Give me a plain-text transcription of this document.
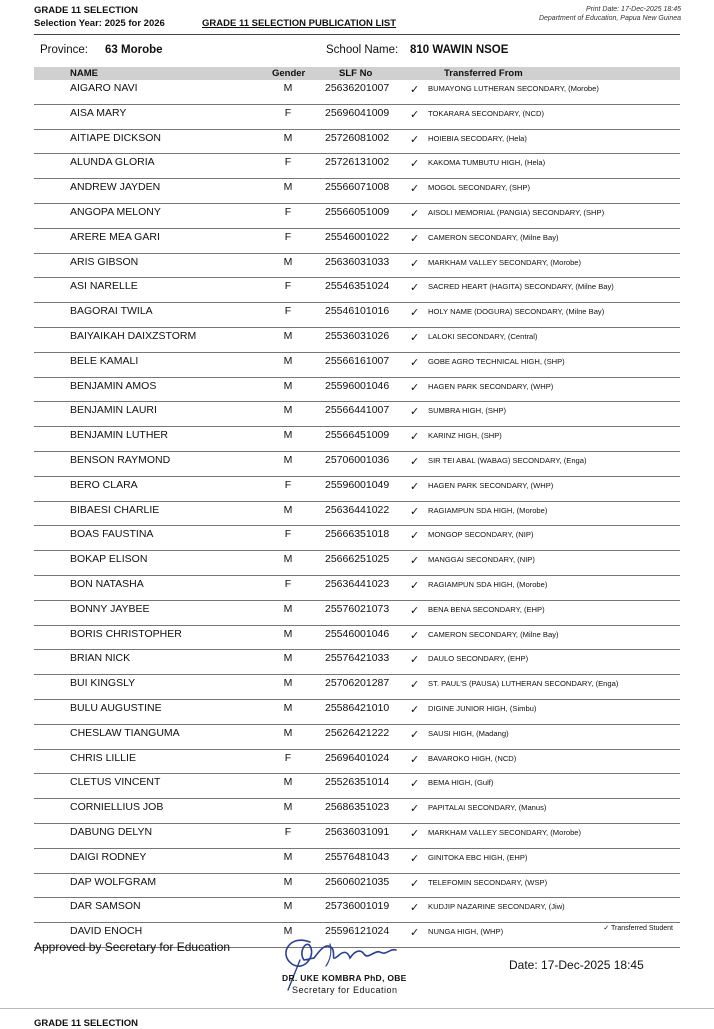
GRADE 11 SELECTION
Selection Year: 2025 for 2026	GRADE 11 SELECTION PUBLICATION LIST
Print Date: 17-Dec-2025 18:45
Department of Education, Papua New Guinea
Province: 63 Morobe	School Name: 810 WAWIN NSOE
NAME	Gender	SLF No	Transferred From
AIGARO NAVI	M	25636201007 ✓ BUMAYONG LUTHERAN SECONDARY, (Morobe)
AISA MARY	F	25696041009 ✓ TOKARARA SECONDARY, (NCD)
AITIAPE DICKSON	M	25726081002 ✓ HOIEBIA SECODARY, (Hela)
ALUNDA GLORIA	F	25726131002 ✓ KAKOMA TUMBUTU HIGH, (Hela)
ANDREW JAYDEN	M	25566071008 ✓ MOGOL SECONDARY, (SHP)
ANGOPA MELONY	F	25566051009 ✓ AISOLI MEMORIAL (PANGIA) SECONDARY, (SHP)
ARERE MEA GARI	F	25546001022 ✓ CAMERON SECONDARY, (Milne Bay)
ARIS GIBSON	M	25636031033 ✓ MARKHAM VALLEY SECONDARY, (Morobe)
ASI NARELLE	F	25546351024 ✓ SACRED HEART (HAGITA) SECONDARY, (Milne Bay)
BAGORAI TWILA	F	25546101016 ✓ HOLY NAME (DOGURA) SECONDARY, (Milne Bay)
BAIYAIKAH DAIXZSTORM	M	25536031026 ✓ LALOKI SECONDARY, (Central)
BELE KAMALI	M	25566161007 ✓ GOBE AGRO TECHNICAL HIGH, (SHP)
BENJAMIN AMOS	M	25596001046 ✓ HAGEN PARK SECONDARY, (WHP)
BENJAMIN LAURI	M	25566441007 ✓ SUMBRA HIGH, (SHP)
BENJAMIN LUTHER	M	25566451009 ✓ KARINZ HIGH, (SHP)
BENSON RAYMOND	M	25706001036 ✓ SIR TEI ABAL (WABAG) SECONDARY, (Enga)
BERO CLARA	F	25596001049 ✓ HAGEN PARK SECONDARY, (WHP)
BIBAESI CHARLIE	M	25636441022 ✓ RAGIAMPUN SDA HIGH, (Morobe)
BOAS FAUSTINA	F	25666351018 ✓ MONGOP SECONDARY, (NIP)
BOKAP ELISON	M	25666251025 ✓ MANGGAI SECONDARY, (NIP)
BON NATASHA	F	25636441023 ✓ RAGIAMPUN SDA HIGH, (Morobe)
BONNY JAYBEE	M	25576021073 ✓ BENA BENA SECONDARY, (EHP)
BORIS CHRISTOPHER	M	25546001046 ✓ CAMERON SECONDARY, (Milne Bay)
BRIAN NICK	M	25576421033 ✓ DAULO SECONDARY, (EHP)
BUI KINGSLY	M	25706201287 ✓ ST. PAUL'S (PAUSA) LUTHERAN SECONDARY, (Enga)
BULU AUGUSTINE	M	25586421010 ✓ DIGINE JUNIOR HIGH, (Simbu)
CHESLAW TIANGUMA	M	25626421222 ✓ SAUSI HIGH, (Madang)
CHRIS LILLIE	F	25696401024 ✓ BAVAROKO HIGH, (NCD)
CLETUS VINCENT	M	25526351014 ✓ BEMA HIGH, (Gulf)
CORNIELLIUS JOB	M	25686351023 ✓ PAPITALAI SECONDARY, (Manus)
DABUNG DELYN	F	25636031091 ✓ MARKHAM VALLEY SECONDARY, (Morobe)
DAIGI RODNEY	M	25576481043 ✓ GINITOKA EBC HIGH, (EHP)
DAP WOLFGRAM	M	25606021035 ✓ TELEFOMIN SECONDARY, (WSP)
DAR SAMSON	M	25736001019 ✓ KUDJIP NAZARINE SECONDARY, (Jiw)
DAVID ENOCH	M	25596121024 ✓ NUNGA HIGH, (WHP)	✓ Transferred Student
Approved by Secretary for Education
DR. UKE KOMBRA PhD, OBE
Secretary for Education
Date: 17-Dec-2025 18:45
GRADE 11 SELECTION
